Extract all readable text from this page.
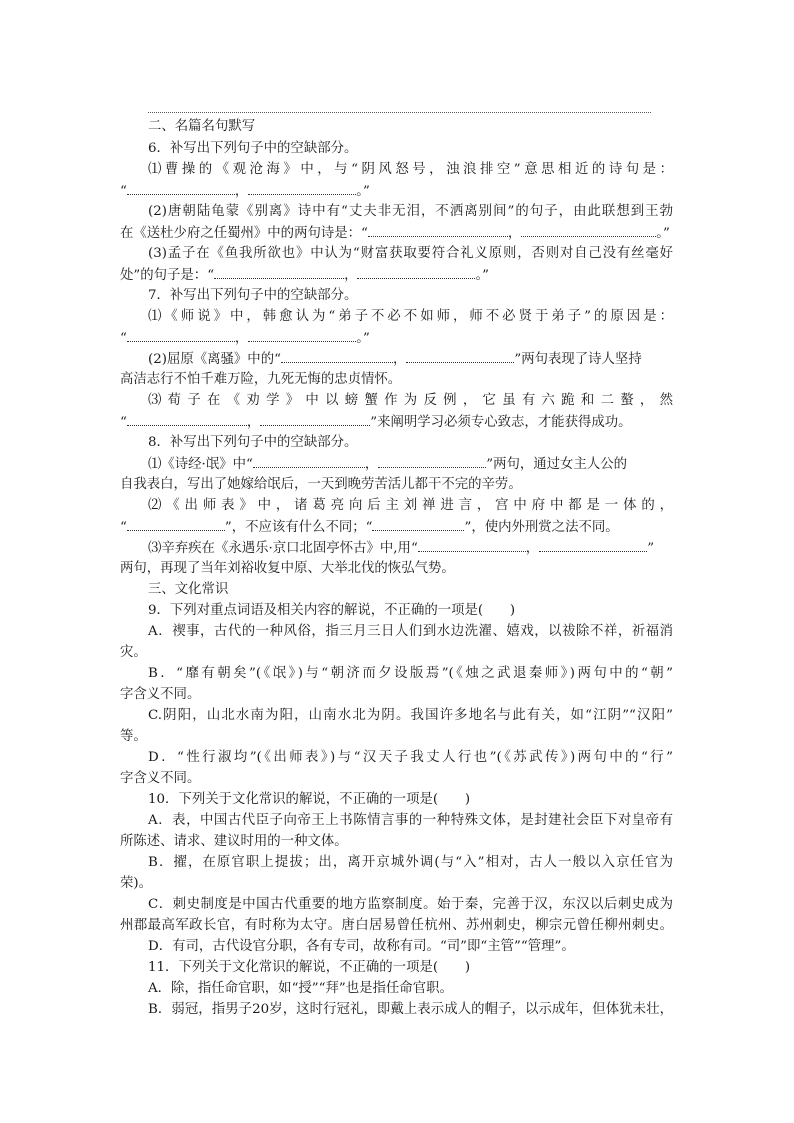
二、名篇名句默写
6．补写出下列句子中的空缺部分。
⑴曹操的《观沧海》中，与“阴风怒号，浊浪排空”意思相近的诗句是：
“	，	。”
(2)唐朝陆龟蒙《别离》诗中有“丈夫非无泪，不洒离别间”的句子，由此联想到王勃
在《送杜少府之任蜀州》中的两句诗是：“	，	。”
(3)孟子在《鱼我所欲也》中认为“财富获取要符合礼义原则，否则对自己没有丝毫好
处”的句子是：“	，	。”
7．补写出下列句子中的空缺部分。
⑴《师说》中，韩愈认为“弟子不必不如师，师不必贤于弟子”的原因是：
“	，	。”
(2)屈原《离骚》中的“	，	”两句表现了诗人坚持
高洁志行不怕千难万险，九死无悔的忠贞情怀。
⑶荀子在《劝学》中以螃蟹作为反例，它虽有六跪和二螯，然
“	，	”来阐明学习必须专心致志，才能获得成功。
8．补写出下列句子中的空缺部分。
⑴《诗经·氓》中“	，	”两句，通过女主人公的
自我表白，写出了她嫁给氓后，一天到晚劳苦活儿都干不完的辛劳。
⑵《出师表》中，诸葛亮向后主刘禅进言，宫中府中都是一体的，
“	”，不应该有什么不同；“	”，使内外刑赏之法不同。
⑶辛弃疾在《永遇乐·京口北固亭怀古》中,用“	，	”
两句，再现了当年刘裕收复中原、大举北伐的恢弘气势。
三、文化常识
9．下列对重点词语及相关内容的解说，不正确的一项是(　　)
A．禊事，古代的一种风俗，指三月三日人们到水边洗濯、嬉戏，以祓除不祥，祈福消
灾。
B．“靡有朝矣”(《氓》)与“朝济而夕设版焉”(《烛之武退秦师》)两句中的“朝”
字含义不同。
C.阴阳，山北水南为阳，山南水北为阴。我国许多地名与此有关，如“江阴”“汉阳”
等。
D．“性行淑均”(《出师表》)与“汉天子我丈人行也”(《苏武传》)两句中的“行”
字含义不同。
10．下列关于文化常识的解说，不正确的一项是(　　)
A．表，中国古代臣子向帝王上书陈情言事的一种特殊文体，是封建社会臣下对皇帝有
所陈述、请求、建议时用的一种文体。
B．擢，在原官职上提拔；出，离开京城外调(与“入”相对，古人一般以入京任官为
荣)。
C．刺史制度是中国古代重要的地方监察制度。始于秦，完善于汉，东汉以后刺史成为
州郡最高军政长官，有时称为太守。唐白居易曾任杭州、苏州刺史，柳宗元曾任柳州刺史。
D．有司，古代设官分职，各有专司，故称有司。“司”即“主管”“管理”。
11．下列关于文化常识的解说，不正确的一项是(　　)
A．除，指任命官职，如“授”“拜”也是指任命官职。
B．弱冠，指男子20岁，这时行冠礼，即戴上表示成人的帽子，以示成年，但体犹未壮，
